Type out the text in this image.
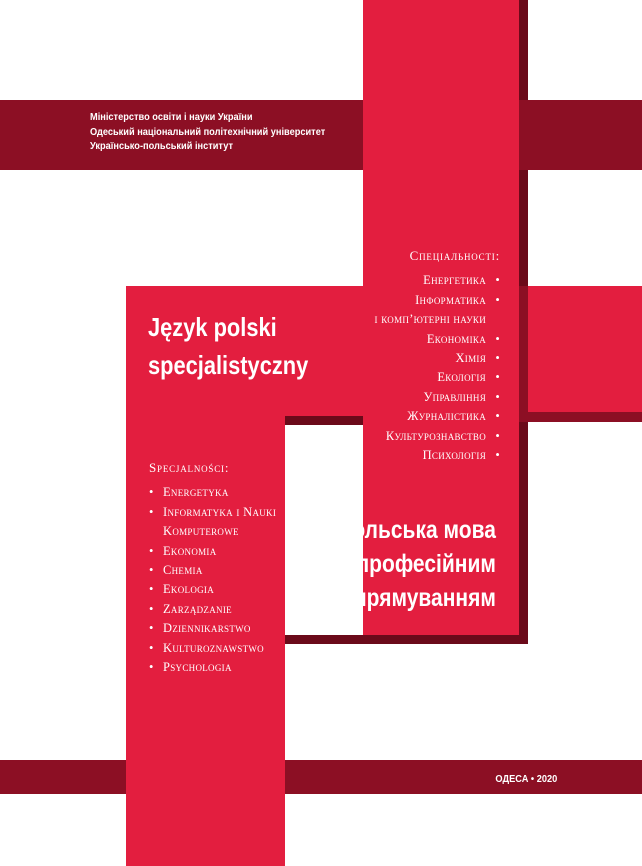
Міністерство освіти і науки України
Одеський національний політехнічний університет
Українсько-польський інститут
Спеціальності:
Енергетика •
Інформатика •
і комп’ютерні науки
Економіка •
Хімія •
Екологія •
Управління •
Журналістика •
Культурознавство •
Психологія •
Język polski
specjalistyczny
Specjalności:
• Energetyka
• Informatyka i Nauki
Komputerowe
• Ekonomia
• Chemia
• Ekologia
• Zarządzanie
• Dziennikarstwo
• Kulturoznawstwo
• Psychologia
Польська мова
за професійним
спрямуванням
ОДЕСА • 2020
